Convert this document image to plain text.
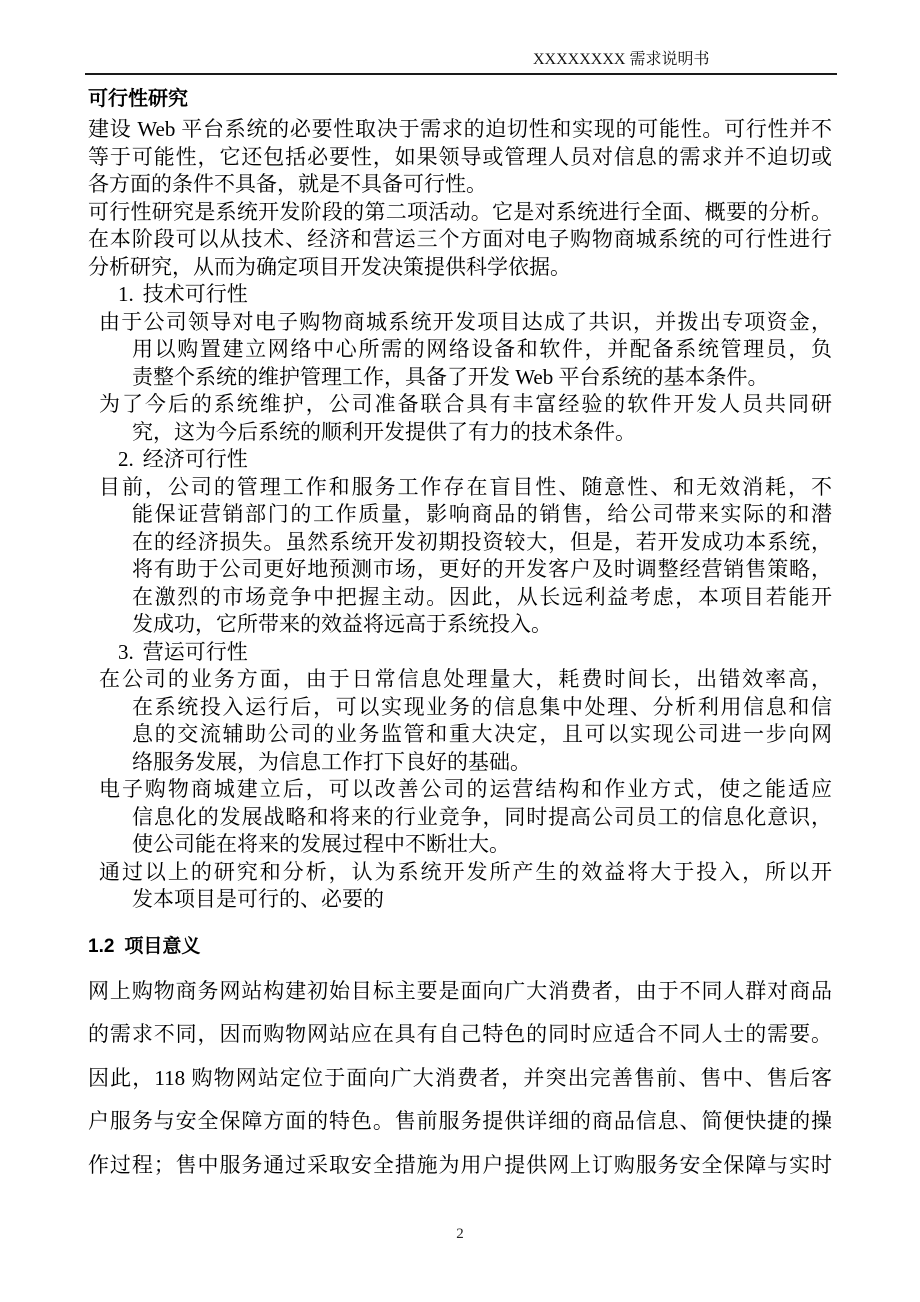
XXXXXXXX 需求说明书
可行性研究
建设 Web 平台系统的必要性取决于需求的迫切性和实现的可能性。可行性并不
等于可能性，它还包括必要性，如果领导或管理人员对信息的需求并不迫切或
各方面的条件不具备，就是不具备可行性。
可行性研究是系统开发阶段的第二项活动。它是对系统进行全面、概要的分析。
在本阶段可以从技术、经济和营运三个方面对电子购物商城系统的可行性进行
分析研究，从而为确定项目开发决策提供科学依据。
1. 技术可行性
由于公司领导对电子购物商城系统开发项目达成了共识，并拨出专项资金，
用以购置建立网络中心所需的网络设备和软件，并配备系统管理员，负
责整个系统的维护管理工作，具备了开发 Web 平台系统的基本条件。
为了今后的系统维护，公司准备联合具有丰富经验的软件开发人员共同研
究，这为今后系统的顺利开发提供了有力的技术条件。
2. 经济可行性
目前，公司的管理工作和服务工作存在盲目性、随意性、和无效消耗，不
能保证营销部门的工作质量，影响商品的销售，给公司带来实际的和潜
在的经济损失。虽然系统开发初期投资较大，但是，若开发成功本系统，
将有助于公司更好地预测市场，更好的开发客户及时调整经营销售策略，
在激烈的市场竞争中把握主动。因此，从长远利益考虑，本项目若能开
发成功，它所带来的效益将远高于系统投入。
3. 营运可行性
在公司的业务方面，由于日常信息处理量大，耗费时间长，出错效率高，
在系统投入运行后，可以实现业务的信息集中处理、分析利用信息和信
息的交流辅助公司的业务监管和重大决定，且可以实现公司进一步向网
络服务发展，为信息工作打下良好的基础。
电子购物商城建立后，可以改善公司的运营结构和作业方式，使之能适应
信息化的发展战略和将来的行业竞争，同时提高公司员工的信息化意识，
使公司能在将来的发展过程中不断壮大。
通过以上的研究和分析，认为系统开发所产生的效益将大于投入，所以开
发本项目是可行的、必要的
1.2 项目意义
网上购物商务网站构建初始目标主要是面向广大消费者，由于不同人群对商品
的需求不同，因而购物网站应在具有自己特色的同时应适合不同人士的需要。
因此，118 购物网站定位于面向广大消费者，并突出完善售前、售中、售后客
户服务与安全保障方面的特色。售前服务提供详细的商品信息、简便快捷的操
作过程；售中服务通过采取安全措施为用户提供网上订购服务安全保障与实时
2
